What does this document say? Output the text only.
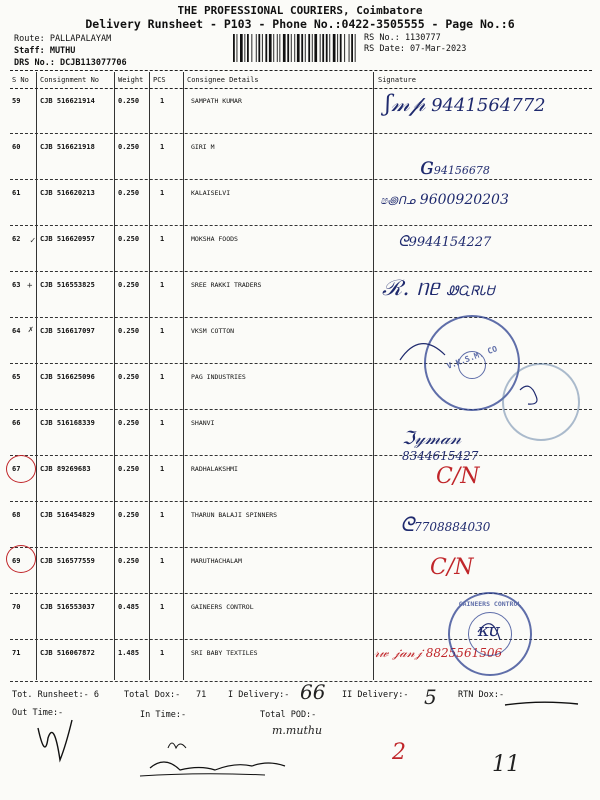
THE PROFESSIONAL COURIERS, Coimbatore
Delivery Runsheet - P103 - Phone No.:0422-3505555 - Page No.:6
Route: PALLAPALAYAM
Staff: MUTHU
DRS No.: DCJB113077706
RS No.: 1130777
RS Date: 07-Mar-2023
S No Consignment No	Weight PCS	Consignee Details	Signature
59	CJB 516621914	0.250	1	SAMPATH KUMAR
60	CJB 516621918	0.250	1	GIRI M
61	CJB 516620213	0.250	1	KALAISELVI
62	CJB 516620957	0.250	1	MOKSHA FOODS
63	CJB 516553825	0.250	1	SREE RAKKI TRADERS
64	CJB 516617097	0.250	1	VKSM COTTON
65	CJB 516625096	0.250	1	PAG INDUSTRIES
66	CJB 516168339	0.250	1	SHANVI
67	CJB 89269683	0.250	1	RADHALAKSHMI
68	CJB 516454829	0.250	1	THARUN BALAJI SPINNERS
69	CJB 516577559	0.250	1	MARUTHACHALAM
70	CJB 516553037	0.485	1	GAINEERS CONTROL
71	CJB 516067872	1.485	1	SRI BABY TEXTILES
✓
+
✗
ʃ𝓂𝓅 9441564772
ɢ94156678
ෂ꩜ᑎᓄ 9600920203
ᘓ9944154227
ℛ. ᥒᥱ ᏪᏩᏒᏓᏌ
ℑ𝓎𝓂𝒶𝓃
8344615427
C/N
ᘓ7708884030
C/N
ᴋᴜ
𝓇𝓌 𝒿𝒶𝓃𝒿 8825561506
V.K.S.M. CO
GAINEERS CONTROL
Tot. Runsheet:- 6	Total Dox:- 71	I Delivery:- 66 II Delivery:- 5	RTN Dox:-
Out Time:-	In Time:-	Total POD:-
m.muthu
2	11
